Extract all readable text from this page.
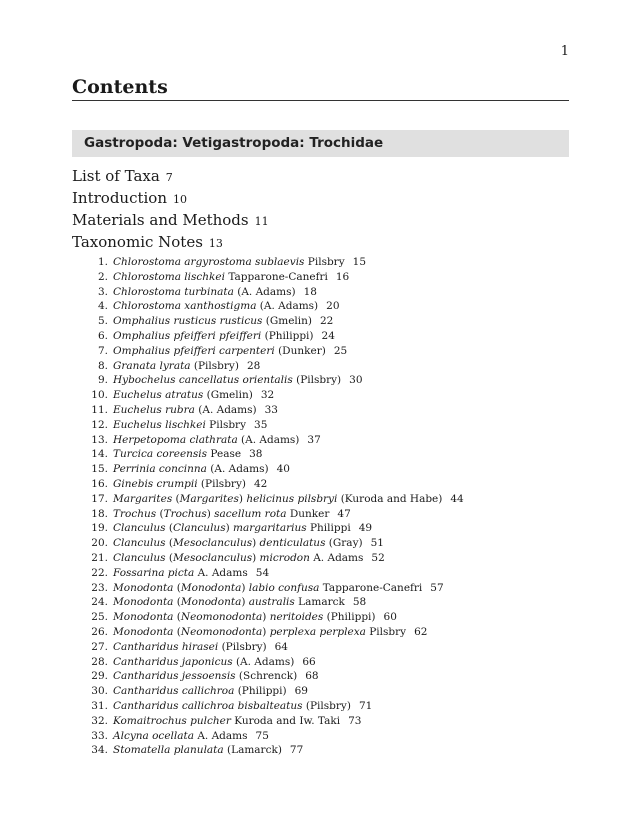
1
Contents
Gastropoda: Vetigastropoda: Trochidae
List of Taxa 7
Introduction 10
Materials and Methods 11
Taxonomic Notes 13
1. Chlorostoma argyrostoma sublaevis Pilsbry 15
2. Chlorostoma lischkei Tapparone-Canefri 16
3. Chlorostoma turbinata (A. Adams) 18
4. Chlorostoma xanthostigma (A. Adams) 20
5. Omphalius rusticus rusticus (Gmelin) 22
6. Omphalius pfeifferi pfeifferi (Philippi) 24
7. Omphalius pfeifferi carpenteri (Dunker) 25
8. Granata lyrata (Pilsbry) 28
9. Hybochelus cancellatus orientalis (Pilsbry) 30
10. Euchelus atratus (Gmelin) 32
11. Euchelus rubra (A. Adams) 33
12. Euchelus lischkei Pilsbry 35
13. Herpetopoma clathrata (A. Adams) 37
14. Turcica coreensis Pease 38
15. Perrinia concinna (A. Adams) 40
16. Ginebis crumpii (Pilsbry) 42
17. Margarites (Margarites) helicinus pilsbryi (Kuroda and Habe) 44
18. Trochus (Trochus) sacellum rota Dunker 47
19. Clanculus (Clanculus) margaritarius Philippi 49
20. Clanculus (Mesoclanculus) denticulatus (Gray) 51
21. Clanculus (Mesoclanculus) microdon A. Adams 52
22. Fossarina picta A. Adams 54
23. Monodonta (Monodonta) labio confusa Tapparone-Canefri 57
24. Monodonta (Monodonta) australis Lamarck 58
25. Monodonta (Neomonodonta) neritoides (Philippi) 60
26. Monodonta (Neomonodonta) perplexa perplexa Pilsbry 62
27. Cantharidus hirasei (Pilsbry) 64
28. Cantharidus japonicus (A. Adams) 66
29. Cantharidus jessoensis (Schrenck) 68
30. Cantharidus callichroa (Philippi) 69
31. Cantharidus callichroa bisbalteatus (Pilsbry) 71
32. Komaitrochus pulcher Kuroda and Iw. Taki 73
33. Alcyna ocellata A. Adams 75
34. Stomatella planulata (Lamarck) 77
